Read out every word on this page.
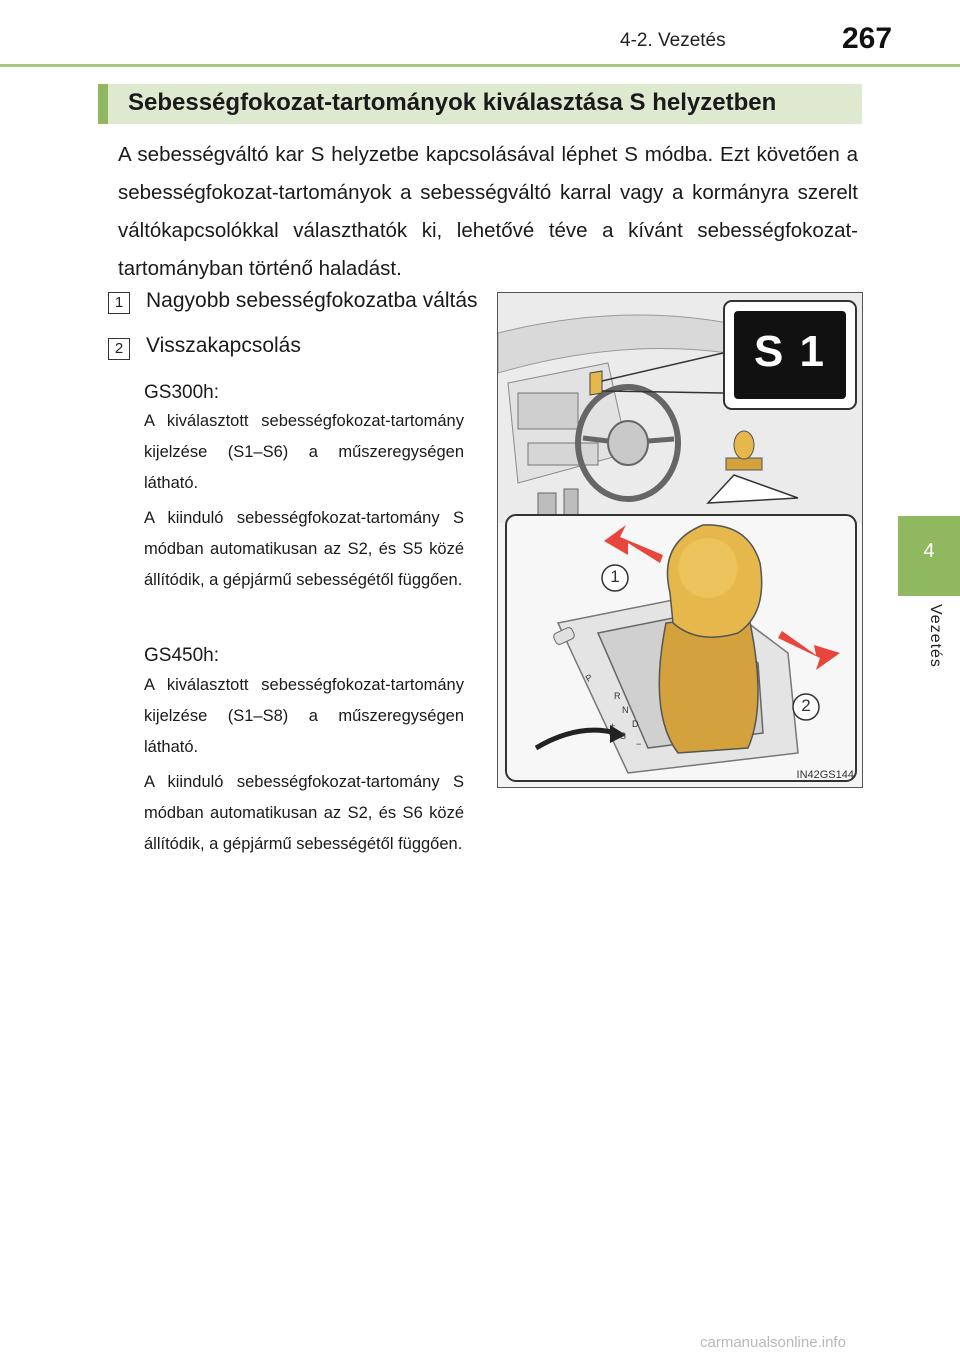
4-2. Vezetés	267
4
Vezetés
Sebességfokozat-tartományok kiválasztása S helyzetben
A sebességváltó kar S helyzetbe kapcsolásával léphet S módba. Ezt követően a sebességfokozat-tartományok a sebességváltó karral vagy a kormányra szerelt váltókapcsolókkal választhatók ki, lehetővé téve a kívánt sebességfokozat-tartományban történő haladást.
1	Nagyobb sebességfokozatba váltás
2	Visszakapcsolás
GS300h:
A kiválasztott sebességfokozat-tartomány kijelzése (S1–S6) a műszeregységen látható.
A kiinduló sebességfokozat-tartomány S módban automatikusan az S2, és S5 közé állítódik, a gépjármű sebességétől függően.
GS450h:
A kiválasztott sebességfokozat-tartomány kijelzése (S1–S8) a műszeregységen látható.
A kiinduló sebességfokozat-tartomány S módban automatikusan az S2, és S6 közé állítódik, a gépjármű sebességétől függően.
S 1
1
2
P
R
N
D
S
+
−
IN42GS144
carmanualsonline.info
